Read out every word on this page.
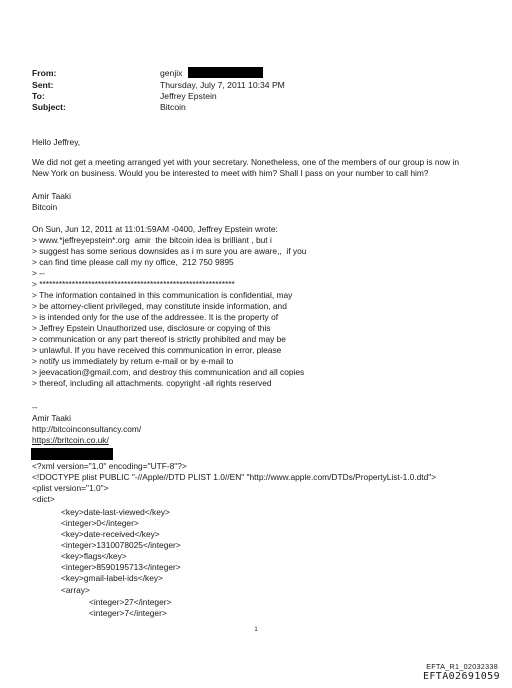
From:	genjix
Sent:	Thursday, July 7, 2011 10:34 PM
To:	Jeffrey Epstein
Subject:	Bitcoin
Hello Jeffrey,
We did not get a meeting arranged yet with your secretary. Nonetheless, one of the members of our group is now in
New York on business. Would you be interested to meet with him? Shall I pass on your number to call him?
Amir Taaki
Bitcoin
On Sun, Jun 12, 2011 at 11:01:59AM -0400, Jeffrey Epstein wrote:
> www.*jeffreyepstein*.org  amir  the bitcoin idea is brilliant , but i
> suggest has some serious downsides as i m sure you are aware,,  if you
> can find time please call my ny office,  212 750 9895
> --
> ************************************************************
> The information contained in this communication is confidential, may
> be attorney-client privileged, may constitute inside information, and
> is intended only for the use of the addressee. It is the property of
> Jeffrey Epstein Unauthorized use, disclosure or copying of this
> communication or any part thereof is strictly prohibited and may be
> unlawful. If you have received this communication in error, please
> notify us immediately by return e-mail or by e-mail to
> jeevacation@gmail.com, and destroy this communication and all copies
> thereof, including all attachments. copyright -all rights reserved
--
Amir Taaki
http://bitcoinconsultancy.com/
https://britcoin.co.uk/
<?xml version="1.0" encoding="UTF-8"?>
<!DOCTYPE plist PUBLIC "-//Apple//DTD PLIST 1.0//EN" "http://www.apple.com/DTDs/PropertyList-1.0.dtd">
<plist version="1.0">
<dict>
<key>date-last-viewed</key>
<integer>0</integer>
<key>date-received</key>
<integer>1310078025</integer>
<key>flags</key>
<integer>8590195713</integer>
<key>gmail-label-ids</key>
<array>
<integer>27</integer>
<integer>7</integer>
1
EFTA_R1_02032338
EFTA02691059
